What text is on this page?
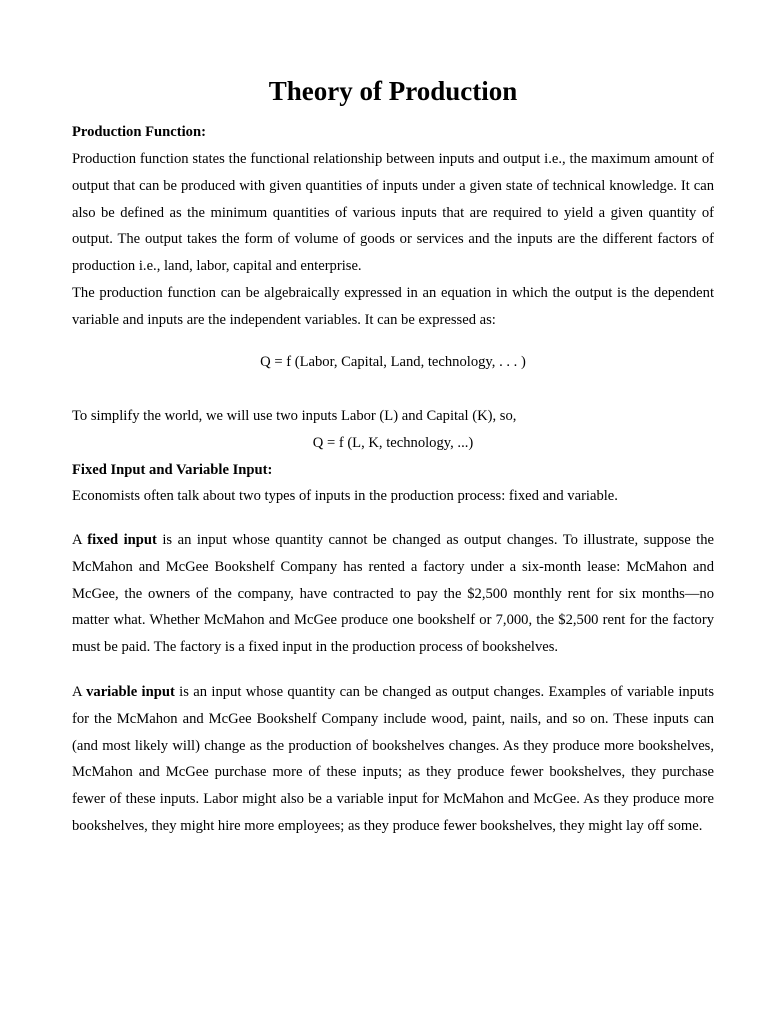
Theory of Production

Production Function:

Production function states the functional relationship between inputs and output i.e., the maximum amount of output that can be produced with given quantities of inputs under a given state of technical knowledge. It can also be defined as the minimum quantities of various inputs that are required to yield a given quantity of output. The output takes the form of volume of goods or services and the inputs are the different factors of production i.e., land, labor, capital and enterprise.

The production function can be algebraically expressed in an equation in which the output is the dependent variable and inputs are the independent variables. It can be expressed as:

Q = f (Labor, Capital, Land, technology, . . . )

To simplify the world, we will use two inputs Labor (L) and Capital (K), so,

Q = f (L, K, technology, ...)

Fixed Input and Variable Input:

Economists often talk about two types of inputs in the production process: fixed and variable.

A fixed input is an input whose quantity cannot be changed as output changes. To illustrate, suppose the McMahon and McGee Bookshelf Company has rented a factory under a six-month lease: McMahon and McGee, the owners of the company, have contracted to pay the $2,500 monthly rent for six months—no matter what. Whether McMahon and McGee produce one bookshelf or 7,000, the $2,500 rent for the factory must be paid. The factory is a fixed input in the production process of bookshelves.

A variable input is an input whose quantity can be changed as output changes. Examples of variable inputs for the McMahon and McGee Bookshelf Company include wood, paint, nails, and so on. These inputs can (and most likely will) change as the production of bookshelves changes. As they produce more bookshelves, McMahon and McGee purchase more of these inputs; as they produce fewer bookshelves, they purchase fewer of these inputs. Labor might also be a variable input for McMahon and McGee. As they produce more bookshelves, they might hire more employees; as they produce fewer bookshelves, they might lay off some.
